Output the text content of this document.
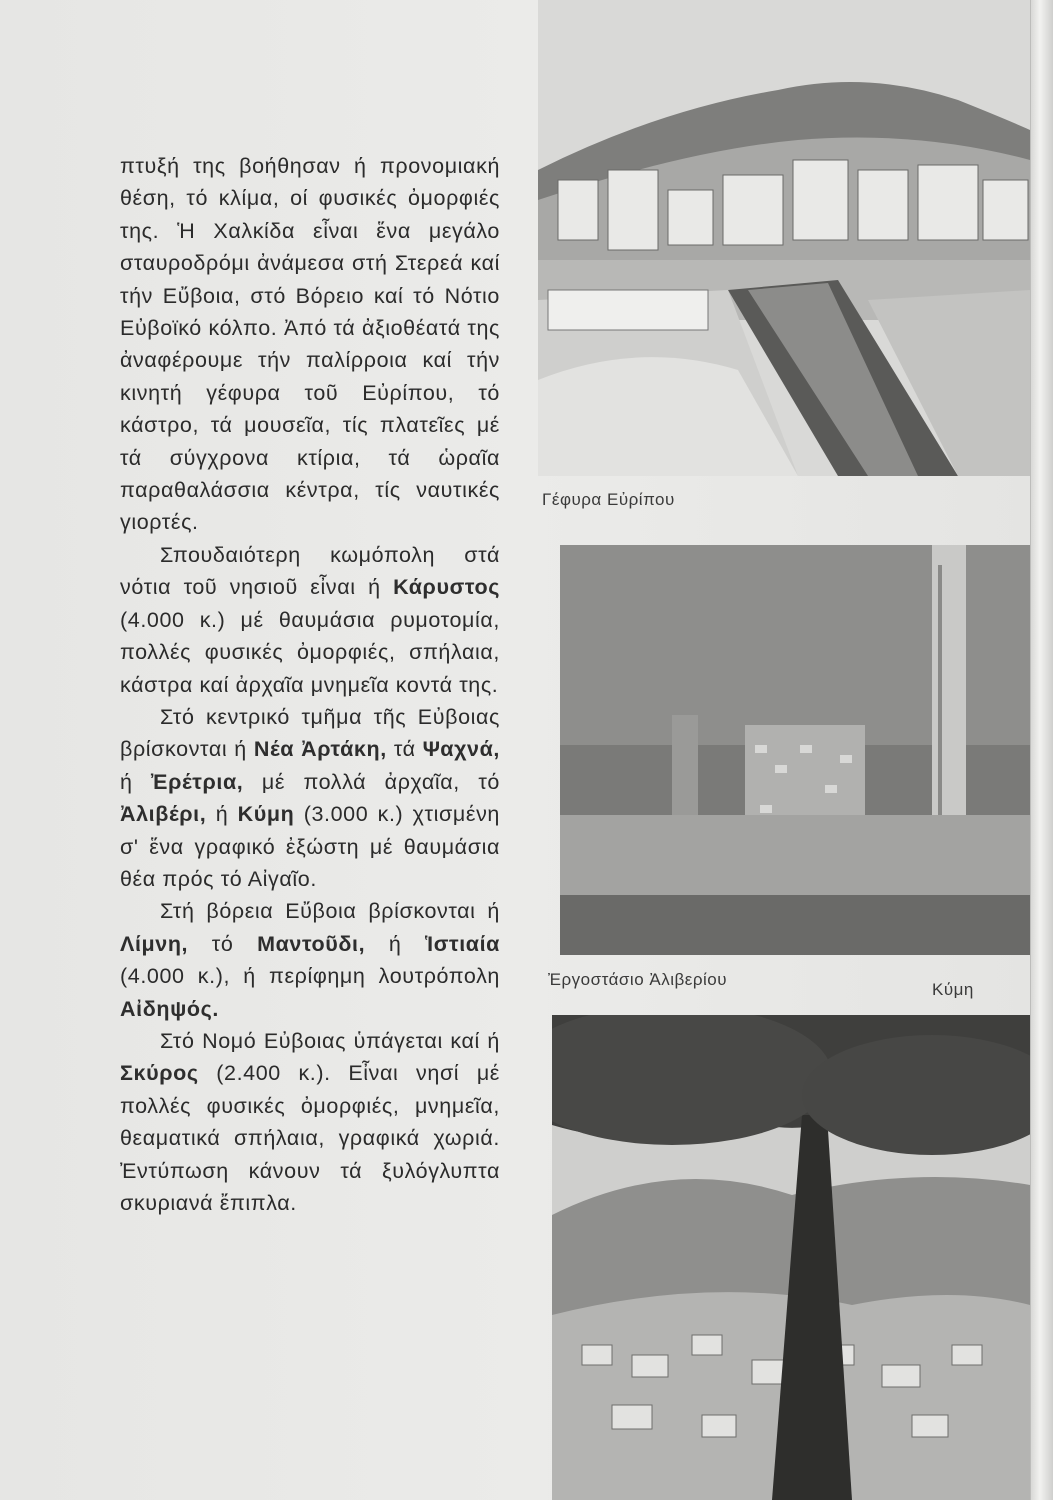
πτυξή της βοήθησαν ή προνομιακή θέση, τό κλίμα, οί φυσικές ὀμορφιές της. Ἡ Χαλκίδα εἶναι ἕνα μεγάλο σταυροδρόμι ἀνάμεσα στή Στερεά καί τήν Εὔβοια, στό Βόρειο καί τό Νότιο Εὐβοϊκό κόλπο. Ἀπό τά ἀξιοθέατά της ἀναφέρουμε τήν παλίρροια καί τήν κινητή γέφυρα τοῦ Εὐρίπου, τό κάστρο, τά μουσεῖα, τίς πλατεῖες μέ τά σύγχρονα κτίρια, τά ὡραῖα παραθαλάσσια κέντρα, τίς ναυτικές γιορτές.

Σπουδαιότερη κωμόπολη στά νότια τοῦ νησιοῦ εἶναι ή Κάρυστος (4.000 κ.) μέ θαυμάσια ρυμοτομία, πολλές φυσικές ὀμορφιές, σπήλαια, κάστρα καί ἀρχαῖα μνημεῖα κοντά της.

Στό κεντρικό τμῆμα τῆς Εὐβοιας βρίσκονται ή Νέα Ἀρτάκη, τά Ψαχνά, ή Ἐρέτρια, μέ πολλά ἀρχαῖα, τό Ἀλιβέρι, ή Κύμη (3.000 κ.) χτισμένη σ' ἕνα γραφικό ἐξώστη μέ θαυμάσια θέα πρός τό Αἰγαῖο.

Στή βόρεια Εὔβοια βρίσκονται ή Λίμνη, τό Μαντοῦδι, ή Ἱστιαία (4.000 κ.), ή περίφημη λουτρόπολη Αἰδηψός.

Στό Νομό Εὐβοιας ὑπάγεται καί ή Σκύρος (2.400 κ.). Εἶναι νησί μέ πολλές φυσικές ὀμορφιές, μνημεῖα, θεαματικά σπήλαια, γραφικά χωριά. Ἐντύπωση κάνουν τά ξυλόγλυπτα σκυριανά ἔπιπλα.

Γέφυρα Εὐρίπου
Ἐργοστάσιο Ἀλιβερίου
Κύμη
